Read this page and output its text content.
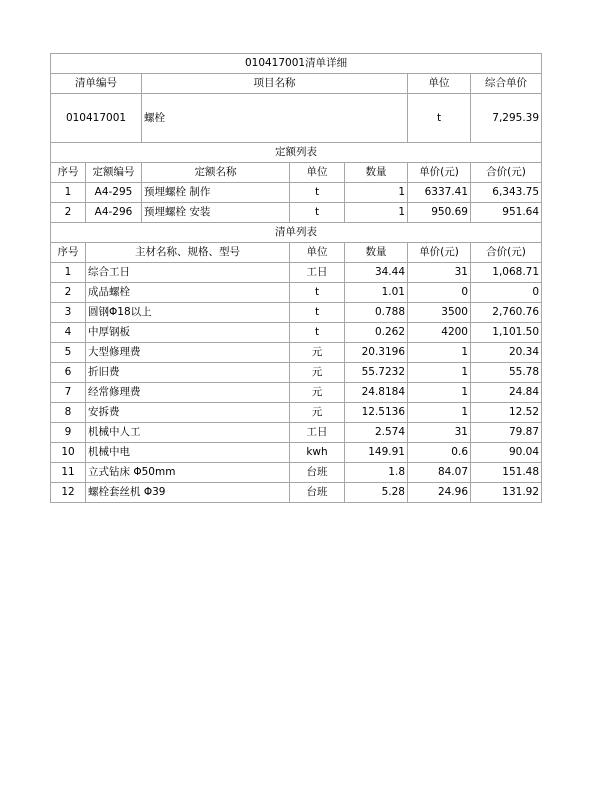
010417001清单详细						
清单编号		项目名称			单位	综合单价
010417001		螺栓			t	7,295.39
定额列表						
序号	定额编号	定额名称	单位	数量	单价(元)	合价(元)
1	A4-295	预埋螺栓 制作	t	1	6337.41	6,343.75
2	A4-296	预埋螺栓 安装	t	1	950.69	951.64
清单列表						
序号	主材名称、规格、型号		单位	数量	单价(元)	合价(元)
1	综合工日		工日	34.44	31	1,068.71
2	成品螺栓		t	1.01	0	0
3	圆钢Φ18以上		t	0.788	3500	2,760.76
4	中厚钢板		t	0.262	4200	1,101.50
5	大型修理费		元	20.3196	1	20.34
6	折旧费		元	55.7232	1	55.78
7	经常修理费		元	24.8184	1	24.84
8	安拆费		元	12.5136	1	12.52
9	机械中人工		工日	2.574	31	79.87
10	机械中电		kwh	149.91	0.6	90.04
11	立式钻床 Φ50mm		台班	1.8	84.07	151.48
12	螺栓套丝机 Φ39		台班	5.28	24.96	131.92
